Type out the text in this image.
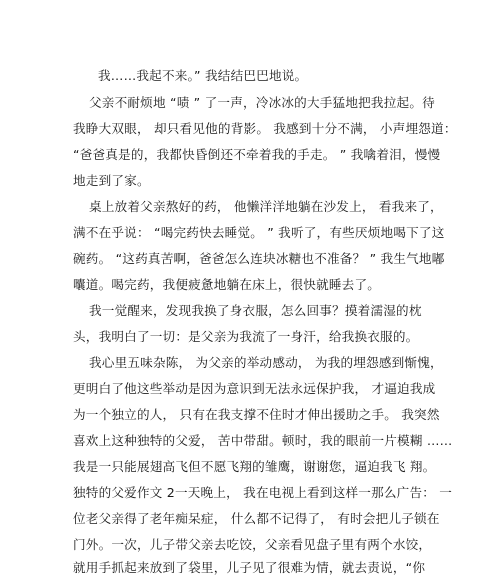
我……我起不来。” 我结结巴巴地说。
父亲不耐烦地 “啧 ” 了一声，冷冰冰的大手猛地把我拉起。待
我睁大双眼， 却只看见他的背影。 我感到十分不满， 小声埋怨道：
“爸爸真是的，我都快昏倒还不牵着我的手走。 ” 我噙着泪，慢慢
地走到了家。
桌上放着父亲熬好的药， 他懒洋洋地躺在沙发上， 看我来了，
满不在乎说： “喝完药快去睡觉。 ” 我听了，有些厌烦地喝下了这
碗药。 “这药真苦啊，爸爸怎么连块冰糖也不准备？ ” 我生气地嘟
囔道。喝完药，我便疲惫地躺在床上，很快就睡去了。
我一觉醒来，发现我换了身衣服，怎么回事？摸着濡湿的枕
头，我明白了一切：是父亲为我流了一身汗，给我换衣服的。
我心里五味杂陈， 为父亲的举动感动， 为我的埋怨感到惭愧，
更明白了他这些举动是因为意识到无法永远保护我， 才逼迫我成
为一个独立的人， 只有在我支撑不住时才伸出援助之手。 我突然
喜欢上这种独特的父爱， 苦中带甜。顿时，我的眼前一片模糊 ……
我是一只能展翅高飞但不愿飞翔的雏鹰，谢谢您，逼迫我飞 翔。
独特的父爱作文 2一天晚上， 我在电视上看到这样一那么广告： 一
位老父亲得了老年痴呆症， 什么都不记得了， 有时会把儿子锁在
门外。一次，儿子带父亲去吃饺，父亲看见盘子里有两个水饺，
就用手抓起来放到了袋里，儿子见了很难为情，就去责说，“你
